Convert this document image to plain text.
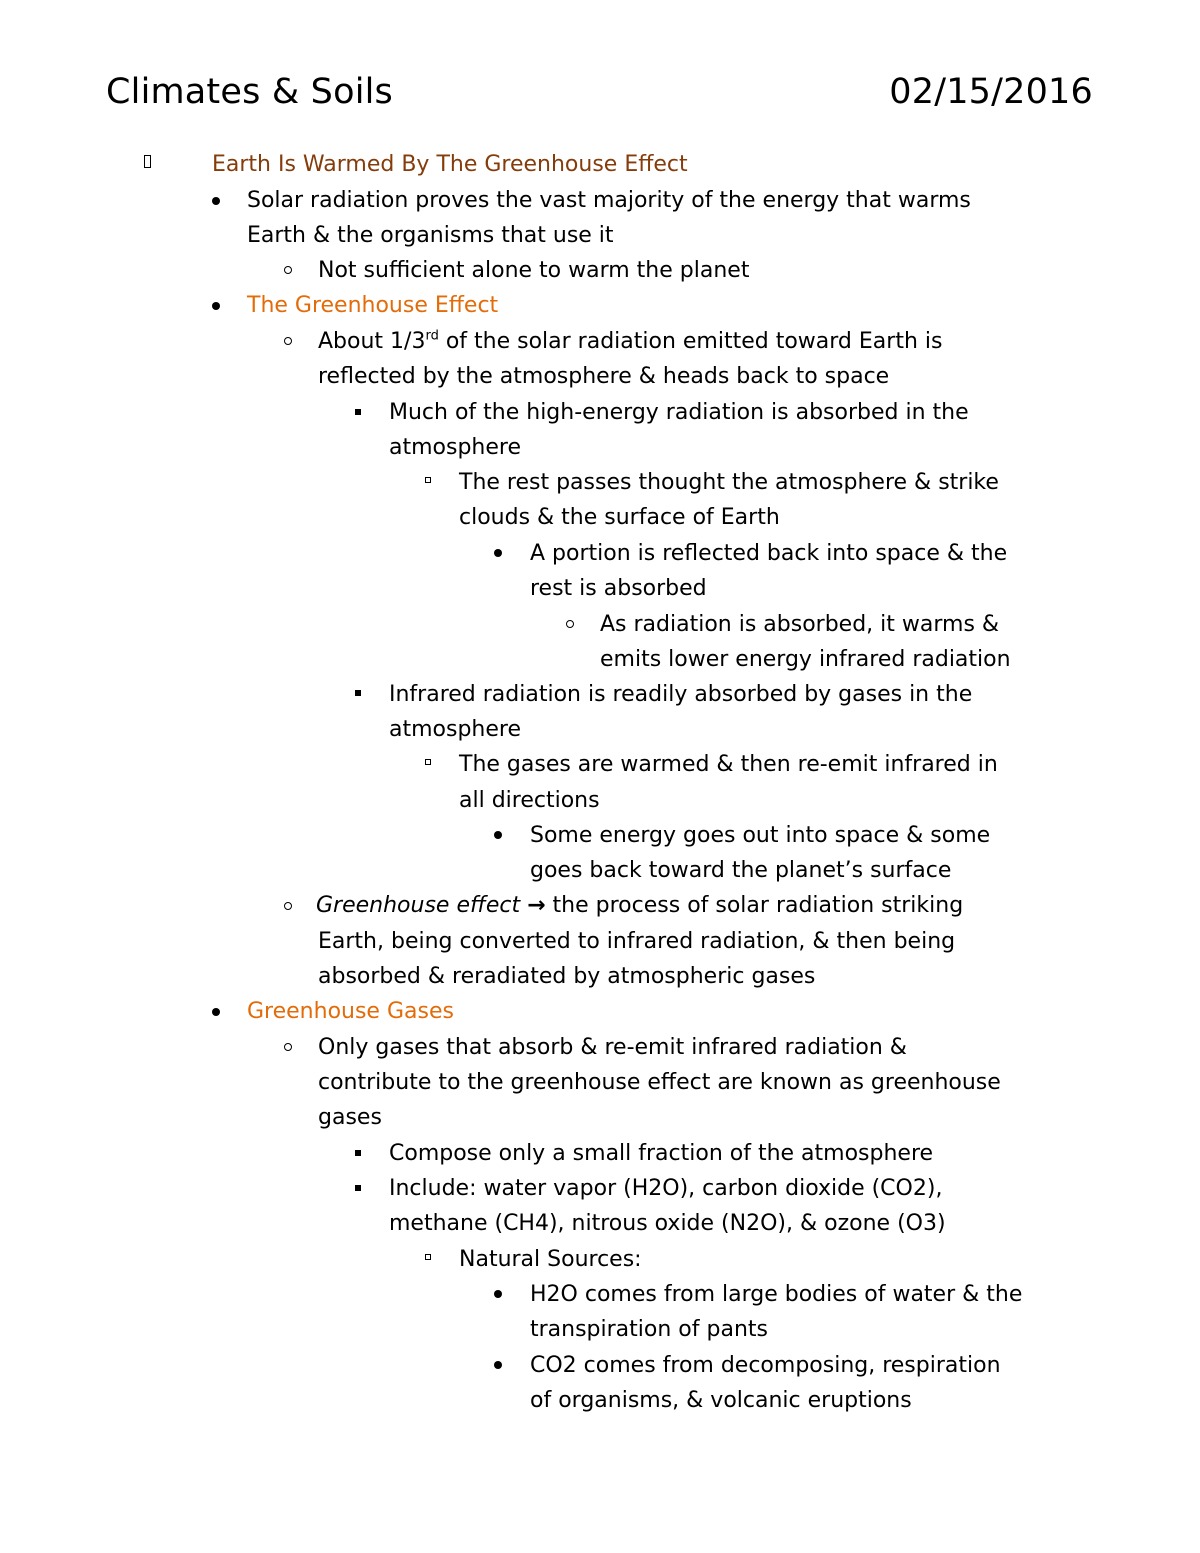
Climates & Soils	02/15/2016
Earth Is Warmed By The Greenhouse Effect
Solar radiation proves the vast majority of the energy that warms
Earth & the organisms that use it
Not sufficient alone to warm the planet
The Greenhouse Effect
About 1/3rd of the solar radiation emitted toward Earth is
reflected by the atmosphere & heads back to space
Much of the high-energy radiation is absorbed in the
atmosphere
The rest passes thought the atmosphere & strike
clouds & the surface of Earth
A portion is reflected back into space & the
rest is absorbed
As radiation is absorbed, it warms &
emits lower energy infrared radiation
Infrared radiation is readily absorbed by gases in the
atmosphere
The gases are warmed & then re-emit infrared in
all directions
Some energy goes out into space & some
goes back toward the planet’s surface
Greenhouse effect → the process of solar radiation striking
Earth, being converted to infrared radiation, & then being
absorbed & reradiated by atmospheric gases
Greenhouse Gases
Only gases that absorb & re-emit infrared radiation &
contribute to the greenhouse effect are known as greenhouse
gases
Compose only a small fraction of the atmosphere
Include: water vapor (H2O), carbon dioxide (CO2),
methane (CH4), nitrous oxide (N2O), & ozone (O3)
Natural Sources:
H2O comes from large bodies of water & the
transpiration of pants
CO2 comes from decomposing, respiration
of organisms, & volcanic eruptions
